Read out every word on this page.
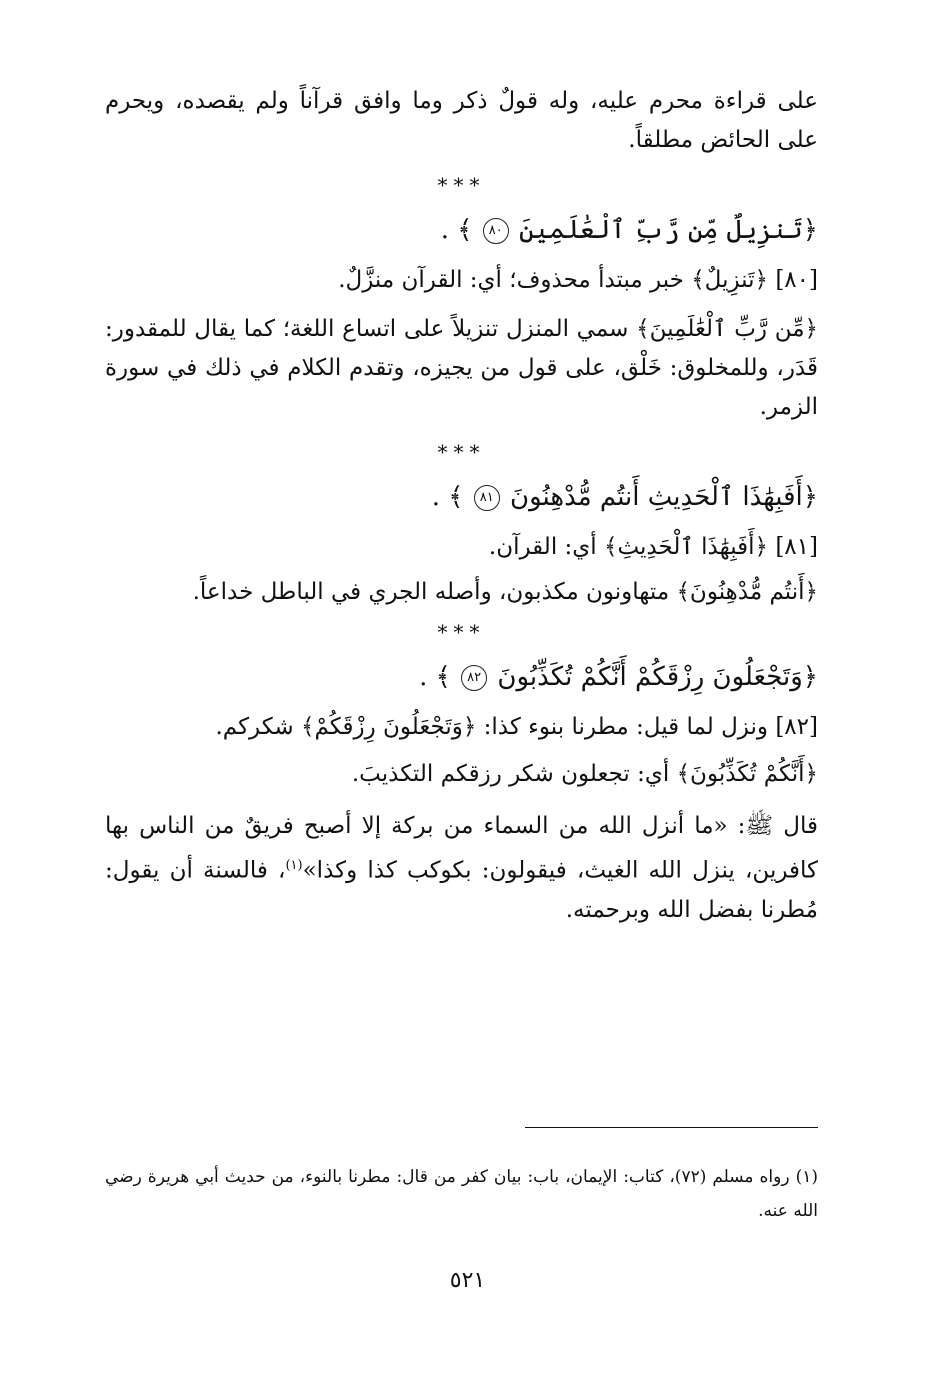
على قراءة محرم عليه، وله قولٌ ذكر وما وافق قرآناً ولم يقصده، ويحرم على الحائض مطلقاً.
***
﴿تَنزِيلٌ مِّن رَّبِّ ٱلْعَٰلَمِينَ ٨٠ ﴾ .
[٨٠] ﴿تَنزِيلٌ﴾ خبر مبتدأ محذوف؛ أي: القرآن منزَّلٌ.
﴿مِّن رَّبِّ ٱلْعَٰلَمِينَ﴾ سمي المنزل تنزيلاً على اتساع اللغة؛ كما يقال للمقدور: قَدَر، وللمخلوق: خَلْق، على قول من يجيزه، وتقدم الكلام في ذلك في سورة الزمر.
***
﴿أَفَبِهَٰذَا ٱلْحَدِيثِ أَنتُم مُّدْهِنُونَ ٨١ ﴾ .
[٨١] ﴿أَفَبِهَٰذَا ٱلْحَدِيثِ﴾ أي: القرآن.
﴿أَنتُم مُّدْهِنُونَ﴾ متهاونون مكذبون، وأصله الجري في الباطل خداعاً.
***
﴿وَتَجْعَلُونَ رِزْقَكُمْ أَنَّكُمْ تُكَذِّبُونَ ٨٢ ﴾ .
[٨٢] ونزل لما قيل: مطرنا بنوء كذا: ﴿وَتَجْعَلُونَ رِزْقَكُمْ﴾ شكركم.
﴿أَنَّكُمْ تُكَذِّبُونَ﴾ أي: تجعلون شكر رزقكم التكذيبَ.
قال ﷺ: «ما أنزل الله من السماء من بركة إلا أصبح فريقٌ من الناس بها كافرين، ينزل الله الغيث، فيقولون: بكوكب كذا وكذا»$^{(١)}$، فالسنة أن يقول: مُطرنا بفضل الله وبرحمته.
(١) رواه مسلم (٧٢)، كتاب: الإيمان، باب: بيان كفر من قال: مطرنا بالنوء، من حديث أبي هريرة رضي الله عنه.
٥٢١
